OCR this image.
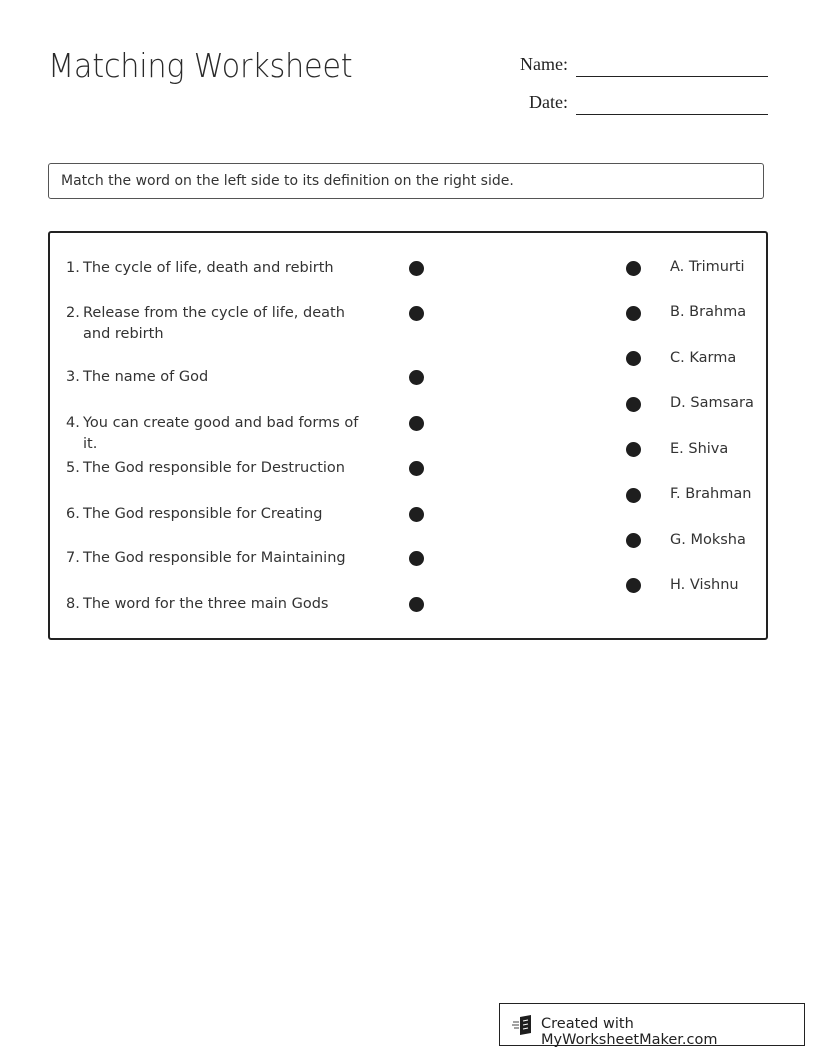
Matching Worksheet	Name:
Date:
Match the word on the left side to its definition on the right side.
1. The cycle of life, death and rebirth
2. Release from the cycle of life, death and rebirth
3. The name of God
4. You can create good and bad forms of it.
5. The God responsible for Destruction
6. The God responsible for Creating
7. The God responsible for Maintaining
8. The word for the three main Gods
A. Trimurti
B. Brahma
C. Karma
D. Samsara
E. Shiva
F. Brahman
G. Moksha
H. Vishnu
Created with MyWorksheetMaker.com
